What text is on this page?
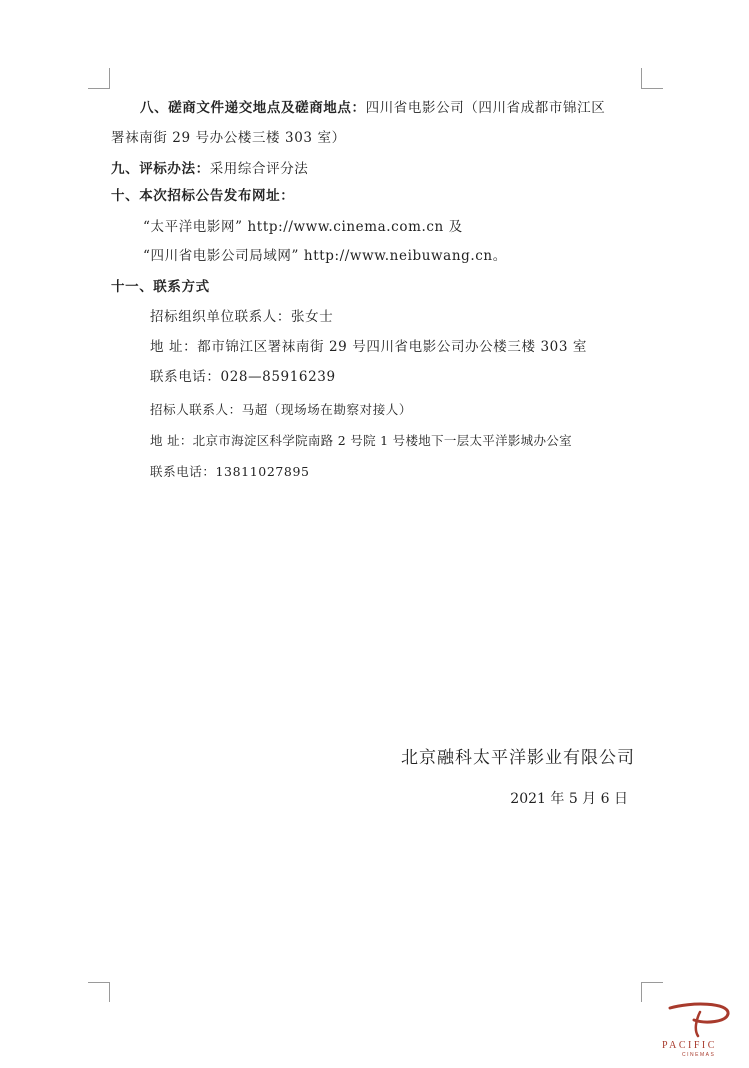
八、磋商文件递交地点及磋商地点：四川省电影公司（四川省成都市锦江区
署袜南街 29 号办公楼三楼 303 室）
九、评标办法：采用综合评分法
十、本次招标公告发布网址：
“太平洋电影网” http://www.cinema.com.cn 及
“四川省电影公司局域网” http://www.neibuwang.cn。
十一、联系方式
招标组织单位联系人：张女士
地 址：都市锦江区署袜南街 29 号四川省电影公司办公楼三楼 303 室
联系电话：028—85916239
招标人联系人：马超（现场场在勘察对接人）
地 址：北京市海淀区科学院南路 2 号院 1 号楼地下一层太平洋影城办公室
联系电话：13811027895
北京融科太平洋影业有限公司
2021 年 5 月 6 日
PACIFIC
CINEMAS
